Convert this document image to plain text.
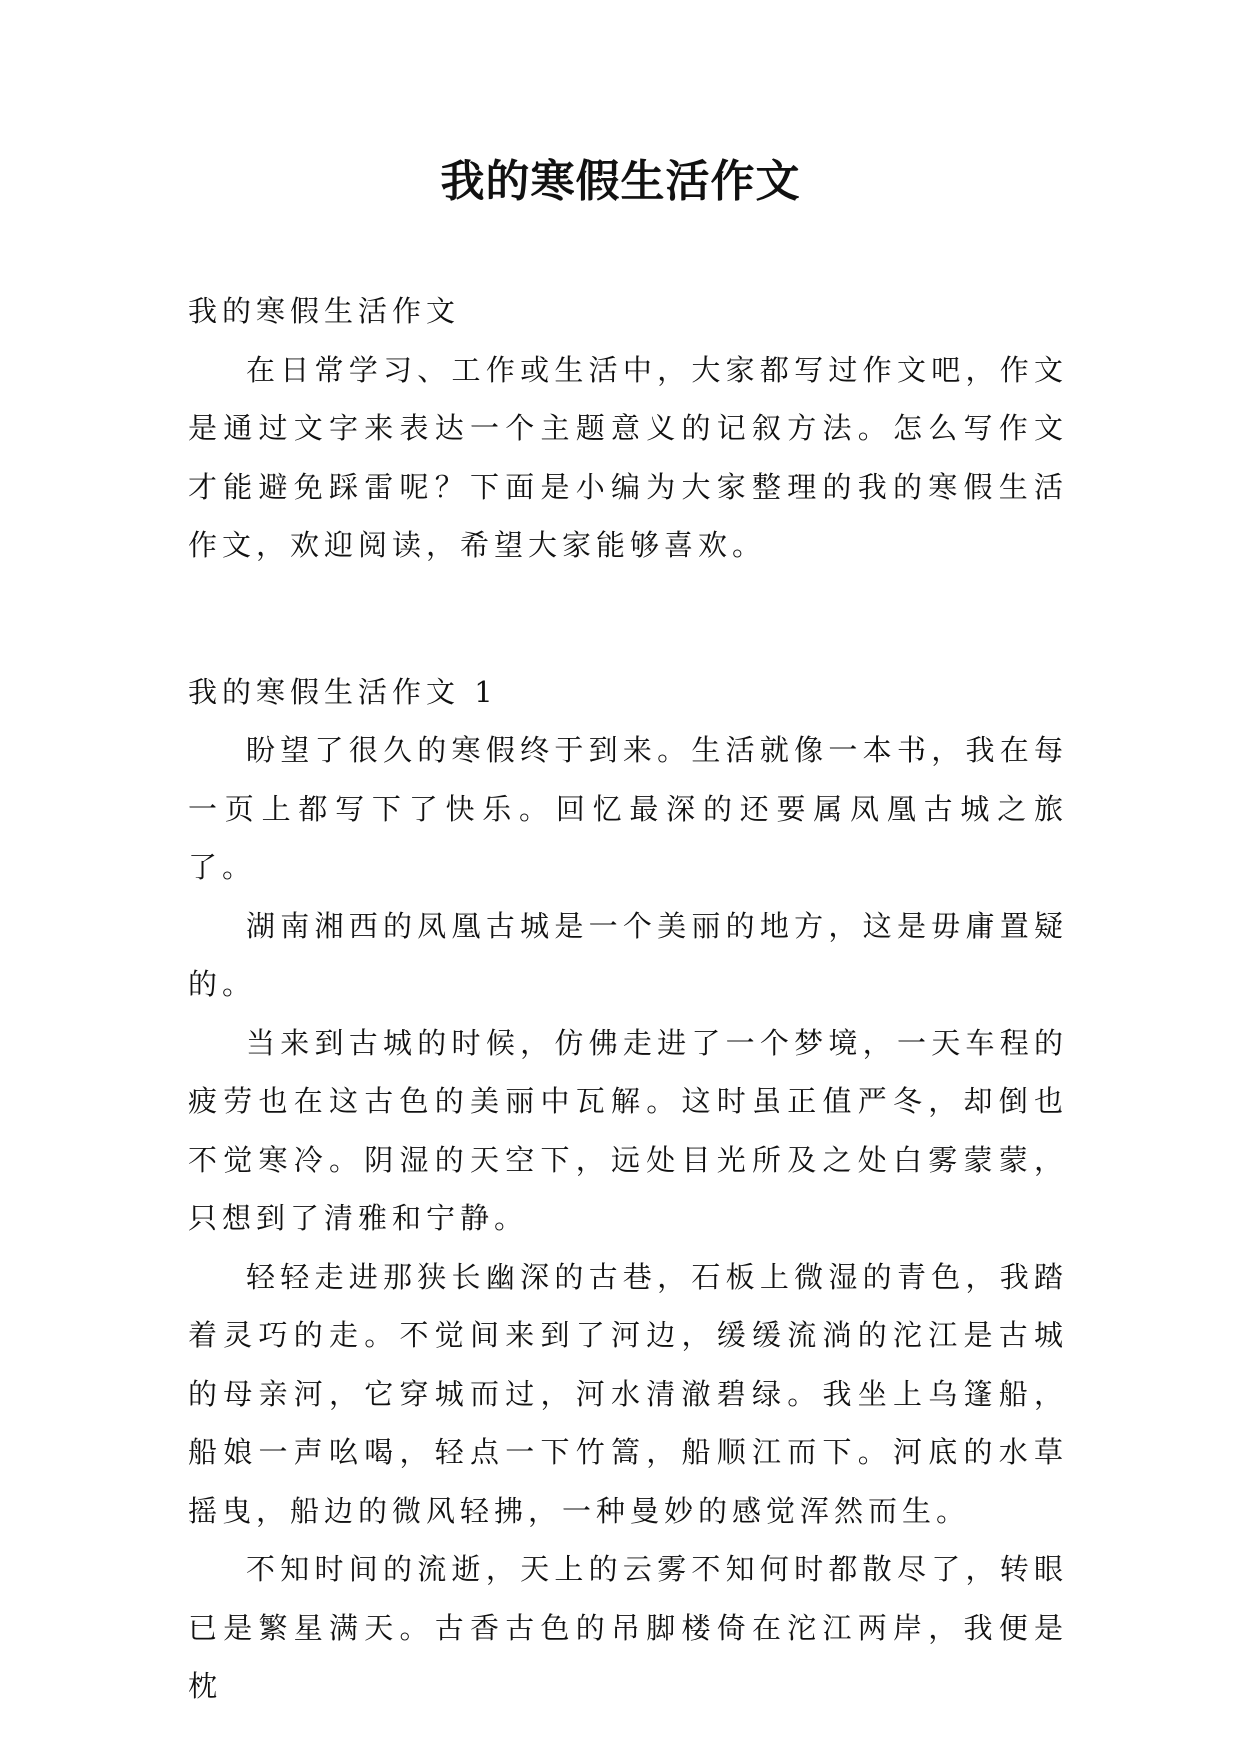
我的寒假生活作文

我的寒假生活作文

在日常学习、工作或生活中，大家都写过作文吧，作文是通过文字来表达一个主题意义的记叙方法。怎么写作文才能避免踩雷呢？下面是小编为大家整理的我的寒假生活作文，欢迎阅读，希望大家能够喜欢。

我的寒假生活作文 1

盼望了很久的寒假终于到来。生活就像一本书，我在每一页上都写下了快乐。回忆最深的还要属凤凰古城之旅了。

湖南湘西的凤凰古城是一个美丽的地方，这是毋庸置疑的。

当来到古城的时候，仿佛走进了一个梦境，一天车程的疲劳也在这古色的美丽中瓦解。这时虽正值严冬，却倒也不觉寒冷。阴湿的天空下，远处目光所及之处白雾蒙蒙，只想到了清雅和宁静。

轻轻走进那狭长幽深的古巷，石板上微湿的青色，我踏着灵巧的走。不觉间来到了河边，缓缓流淌的沱江是古城的母亲河，它穿城而过，河水清澈碧绿。我坐上乌篷船，船娘一声吆喝，轻点一下竹篙，船顺江而下。河底的水草摇曳，船边的微风轻拂，一种曼妙的感觉浑然而生。

不知时间的流逝，天上的云雾不知何时都散尽了，转眼已是繁星满天。古香古色的吊脚楼倚在沱江两岸，我便是枕
